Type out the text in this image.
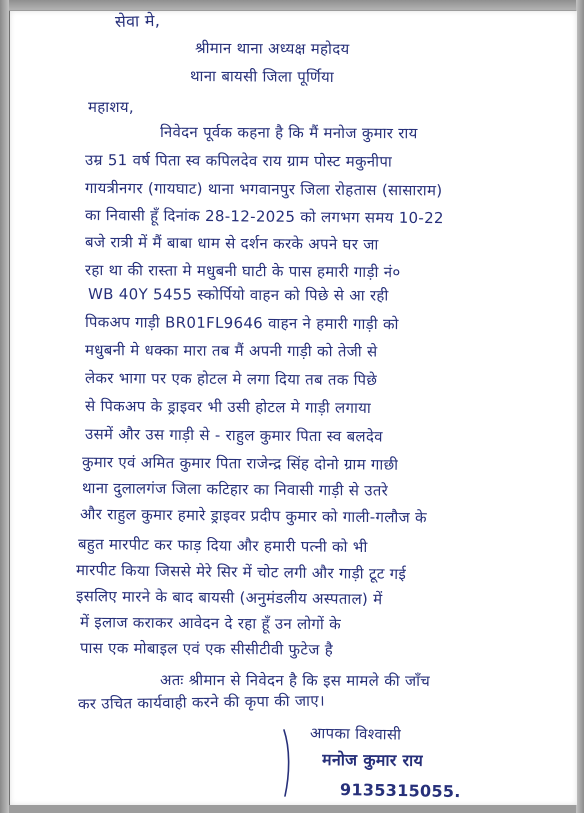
सेवा मे,
श्रीमान थाना अध्यक्ष महोदय
थाना बायसी जिला पूर्णिया
महाशय,
निवेदन पूर्वक कहना है कि मैं मनोज कुमार राय
उम्र 51 वर्ष पिता स्व कपिलदेव राय ग्राम पोस्ट मकुनीपा
गायत्रीनगर (गायघाट) थाना भगवानपुर जिला रोहतास (सासाराम)
का निवासी हूँ दिनांक 28-12-2025 को लगभग समय 10-22
बजे रात्री में मैं बाबा धाम से दर्शन करके अपने घर जा
रहा था की रास्ता मे मधुबनी घाटी के पास हमारी गाड़ी नं०
WB 40Y 5455 स्कोर्पियो वाहन को पिछे से आ रही
पिकअप गाड़ी BR01FL9646 वाहन ने हमारी गाड़ी को
मधुबनी मे धक्का मारा तब मैं अपनी गाड़ी को तेजी से
लेकर भागा पर एक होटल मे लगा दिया तब तक पिछे
से पिकअप के ड्राइवर भी उसी होटल मे गाड़ी लगाया
उसमें और उस गाड़ी से - राहुल कुमार पिता स्व बलदेव
कुमार एवं अमित कुमार पिता राजेन्द्र सिंह दोनो ग्राम गाछी
थाना दुलालगंज जिला कटिहार का निवासी गाड़ी से उतरे
और राहुल कुमार हमारे ड्राइवर प्रदीप कुमार को गाली-गलौज के
बहुत मारपीट कर फाड़ दिया और हमारी पत्नी को भी
मारपीट किया जिससे मेरे सिर में चोट लगी और गाड़ी टूट गई
इसलिए मारने के बाद बायसी (अनुमंडलीय अस्पताल) में
में इलाज कराकर आवेदन दे रहा हूँ उन लोगों के
पास एक मोबाइल एवं एक सीसीटीवी फुटेज है
अतः श्रीमान से निवेदन है कि इस मामले की जाँच
कर उचित कार्यवाही करने की कृपा की जाए।
आपका विश्वासी
मनोज कुमार राय
9135315055.
